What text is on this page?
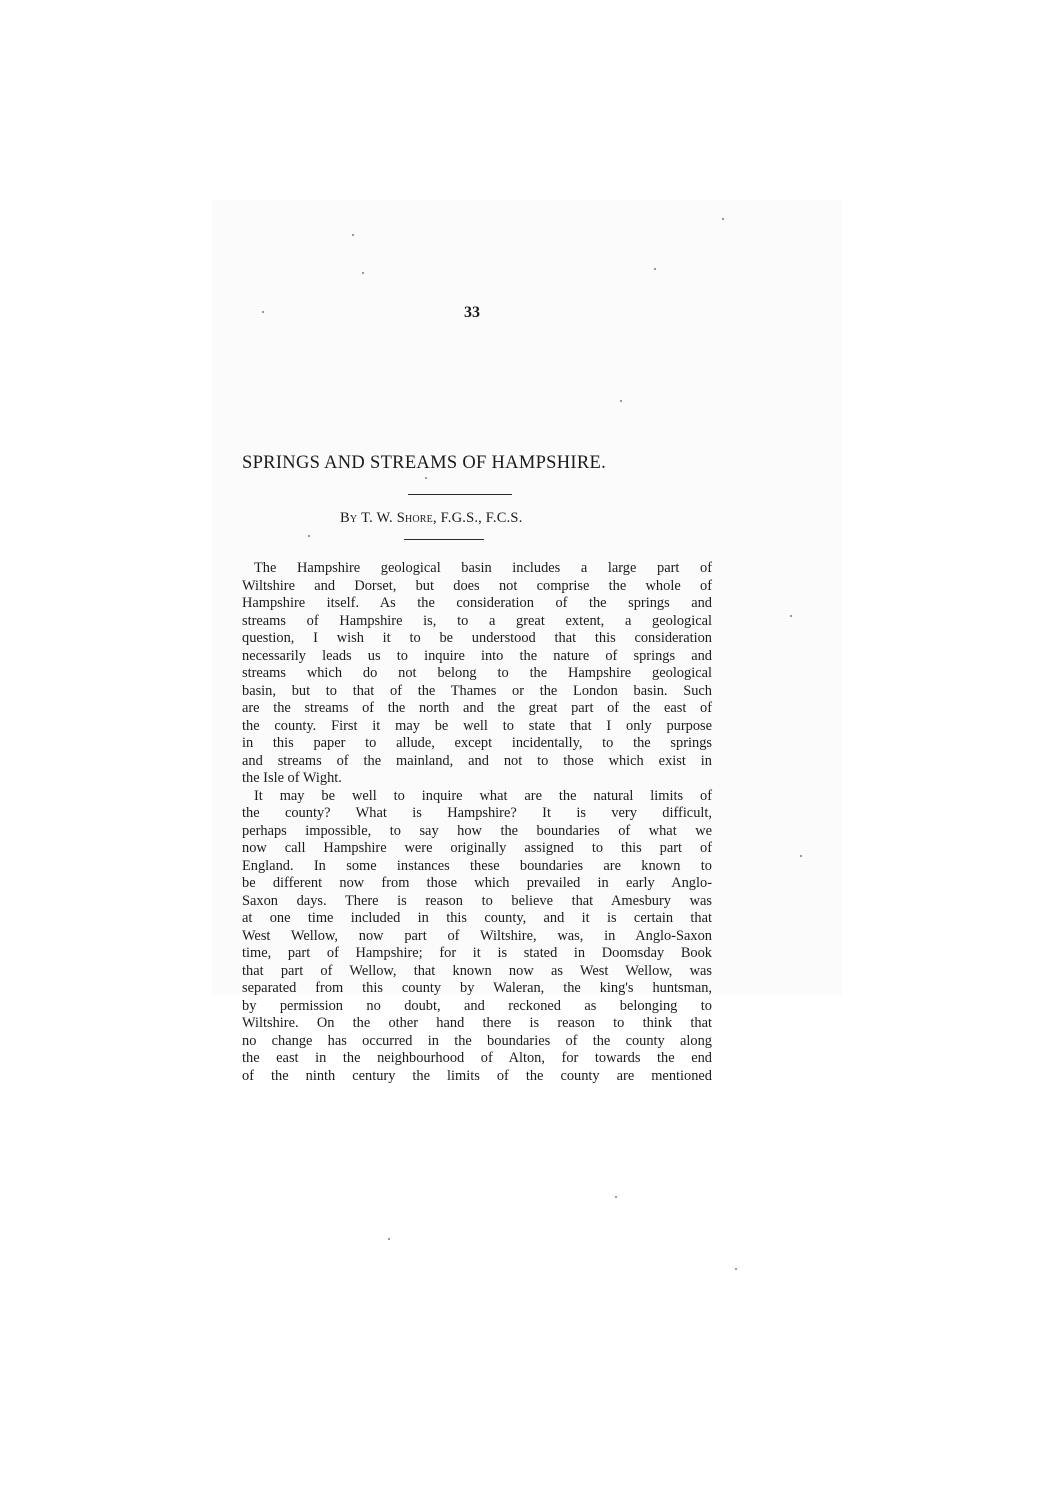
33

SPRINGS AND STREAMS OF HAMPSHIRE.

By T. W. Shore, F.G.S., F.C.S.

The Hampshire geological basin includes a large part of
Wiltshire and Dorset, but does not comprise the whole of
Hampshire itself. As the consideration of the springs and
streams of Hampshire is, to a great extent, a geological
question, I wish it to be understood that this consideration
necessarily leads us to inquire into the nature of springs and
streams which do not belong to the Hampshire geological
basin, but to that of the Thames or the London basin. Such
are the streams of the north and the great part of the east of
the county. First it may be well to state that I only purpose
in this paper to allude, except incidentally, to the springs
and streams of the mainland, and not to those which exist in
the Isle of Wight.
It may be well to inquire what are the natural limits of
the county? What is Hampshire? It is very difficult,
perhaps impossible, to say how the boundaries of what we
now call Hampshire were originally assigned to this part of
England. In some instances these boundaries are known to
be different now from those which prevailed in early Anglo-
Saxon days. There is reason to believe that Amesbury was
at one time included in this county, and it is certain that
West Wellow, now part of Wiltshire, was, in Anglo-Saxon
time, part of Hampshire; for it is stated in Doomsday Book
that part of Wellow, that known now as West Wellow, was
separated from this county by Waleran, the king's huntsman,
by permission no doubt, and reckoned as belonging to
Wiltshire. On the other hand there is reason to think that
no change has occurred in the boundaries of the county along
the east in the neighbourhood of Alton, for towards the end
of the ninth century the limits of the county are mentioned
